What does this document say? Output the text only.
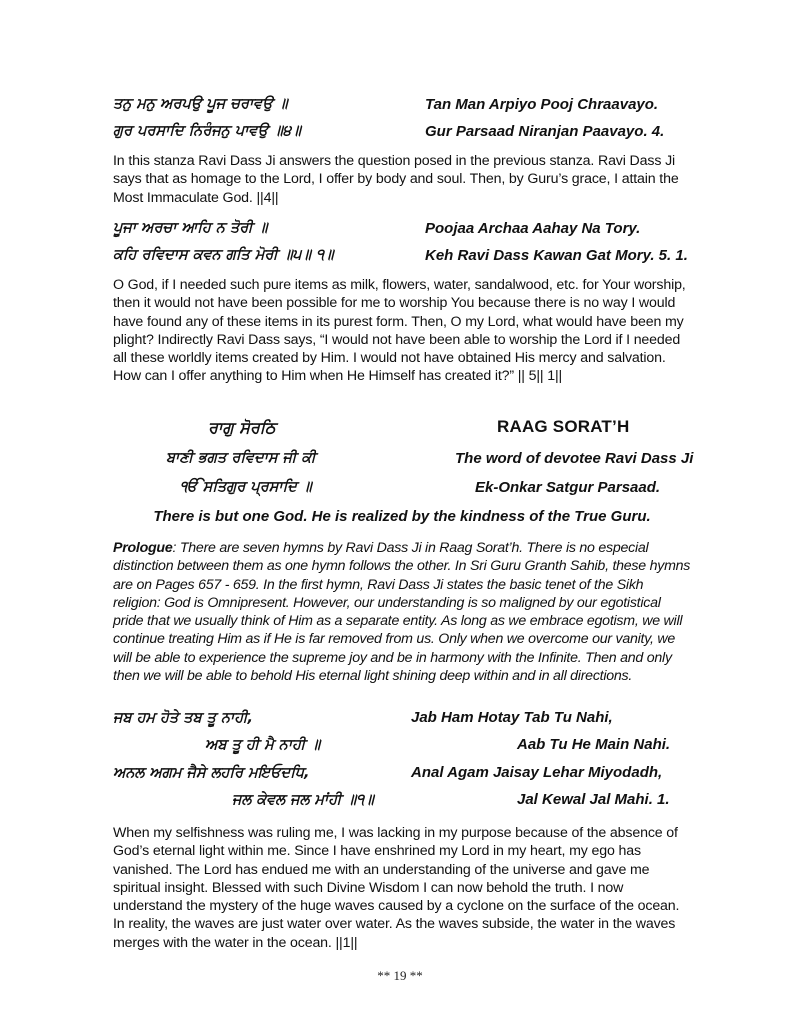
ਤਨੁ ਮਨੁ ਅਰਪਉ ਪੂਜ ਚਰਾਵਉ ॥	Tan Man Arpiyo Pooj Chraavayo.
ਗੁਰ ਪਰਸਾਦਿ ਨਿਰੰਜਨੁ ਪਾਵਉ ॥੪॥	Gur Parsaad Niranjan Paavayo. 4.

In this stanza Ravi Dass Ji answers the question posed in the previous stanza. Ravi Dass Ji says that as homage to the Lord, I offer by body and soul. Then, by Guru’s grace, I attain the Most Immaculate God. ||4||

ਪੂਜਾ ਅਰਚਾ ਆਹਿ ਨ ਤੋਰੀ ॥	Poojaa Archaa Aahay Na Tory.
ਕਹਿ ਰਵਿਦਾਸ ਕਵਨ ਗਤਿ ਮੋਰੀ ॥੫॥ ੧॥	Keh Ravi Dass Kawan Gat Mory. 5. 1.

O God, if I needed such pure items as milk, flowers, water, sandalwood, etc. for Your worship, then it would not have been possible for me to worship You because there is no way I would have found any of these items in its purest form. Then, O my Lord, what would have been my plight? Indirectly Ravi Dass says, “I would not have been able to worship the Lord if I needed all these worldly items created by Him. I would not have obtained His mercy and salvation. How can I offer anything to Him when He Himself has created it?” || 5|| 1||

ਰਾਗੁ ਸੋਰਠਿ	RAAG SORAT’H
ਬਾਣੀ ਭਗਤ ਰਵਿਦਾਸ ਜੀ ਕੀ	The word of devotee Ravi Dass Ji
ੴ ਸਤਿਗੁਰ ਪ੍ਰਸਾਦਿ ॥	Ek-Onkar Satgur Parsaad.
There is but one God. He is realized by the kindness of the True Guru.

Prologue: There are seven hymns by Ravi Dass Ji in Raag Sorat’h. There is no especial distinction between them as one hymn follows the other. In Sri Guru Granth Sahib, these hymns are on Pages 657 - 659. In the first hymn, Ravi Dass Ji states the basic tenet of the Sikh religion: God is Omnipresent. However, our understanding is so maligned by our egotistical pride that we usually think of Him as a separate entity. As long as we embrace egotism, we will continue treating Him as if He is far removed from us. Only when we overcome our vanity, we will be able to experience the supreme joy and be in harmony with the Infinite. Then and only then we will be able to behold His eternal light shining deep within and in all directions.

ਜਬ ਹਮ ਹੋਤੇ ਤਬ ਤੂ ਨਾਹੀ,	Jab Ham Hotay Tab Tu Nahi,
ਅਬ ਤੂ ਹੀ ਮੈ ਨਾਹੀ ॥	Aab Tu He Main Nahi.
ਅਨਲ ਅਗਮ ਜੈਸੇ ਲਹਰਿ ਮਇਓਦਧਿ,	Anal Agam Jaisay Lehar Miyodadh,
ਜਲ ਕੇਵਲ ਜਲ ਮਾਂਹੀ ॥੧॥	Jal Kewal Jal Mahi. 1.

When my selfishness was ruling me, I was lacking in my purpose because of the absence of God’s eternal light within me. Since I have enshrined my Lord in my heart, my ego has vanished. The Lord has endued me with an understanding of the universe and gave me spiritual insight. Blessed with such Divine Wisdom I can now behold the truth. I now understand the mystery of the huge waves caused by a cyclone on the surface of the ocean. In reality, the waves are just water over water. As the waves subside, the water in the waves merges with the water in the ocean. ||1||

** 19 **
